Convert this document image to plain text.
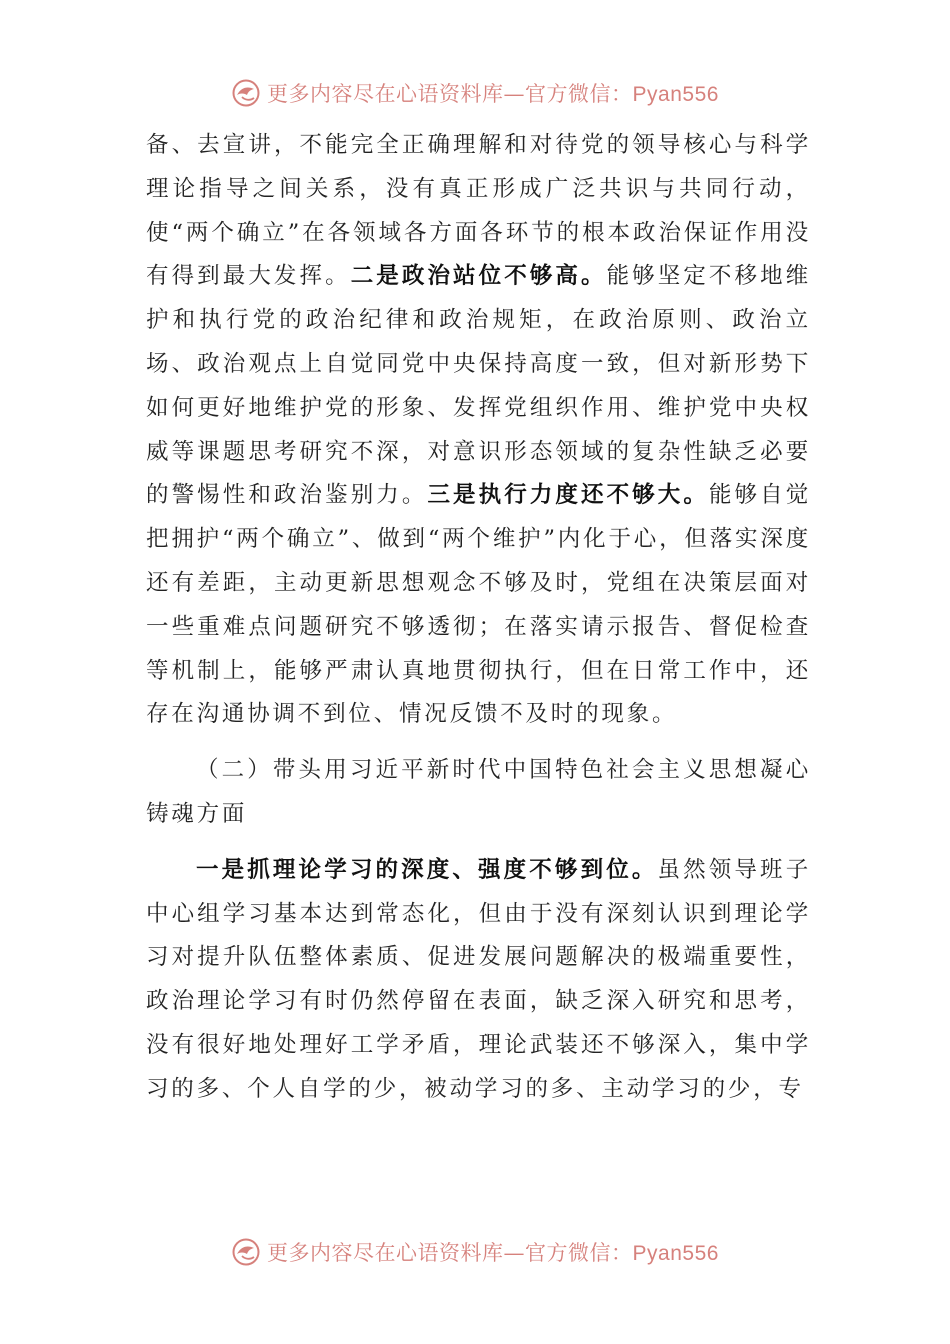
更多内容尽在心语资料库—官方微信：Pyan556

备、去宣讲，不能完全正确理解和对待党的领导核心与科学理论指导之间关系，没有真正形成广泛共识与共同行动，使“两个确立”在各领域各方面各环节的根本政治保证作用没有得到最大发挥。二是政治站位不够高。能够坚定不移地维护和执行党的政治纪律和政治规矩，在政治原则、政治立场、政治观点上自觉同党中央保持高度一致，但对新形势下如何更好地维护党的形象、发挥党组织作用、维护党中央权威等课题思考研究不深，对意识形态领域的复杂性缺乏必要的警惕性和政治鉴别力。三是执行力度还不够大。能够自觉把拥护“两个确立”、做到“两个维护”内化于心，但落实深度还有差距，主动更新思想观念不够及时，党组在决策层面对一些重难点问题研究不够透彻；在落实请示报告、督促检查等机制上，能够严肃认真地贯彻执行，但在日常工作中，还存在沟通协调不到位、情况反馈不及时的现象。

（二）带头用习近平新时代中国特色社会主义思想凝心铸魂方面

一是抓理论学习的深度、强度不够到位。虽然领导班子中心组学习基本达到常态化，但由于没有深刻认识到理论学习对提升队伍整体素质、促进发展问题解决的极端重要性，政治理论学习有时仍然停留在表面，缺乏深入研究和思考，没有很好地处理好工学矛盾，理论武装还不够深入，集中学习的多、个人自学的少，被动学习的多、主动学习的少，专

更多内容尽在心语资料库—官方微信：Pyan556
